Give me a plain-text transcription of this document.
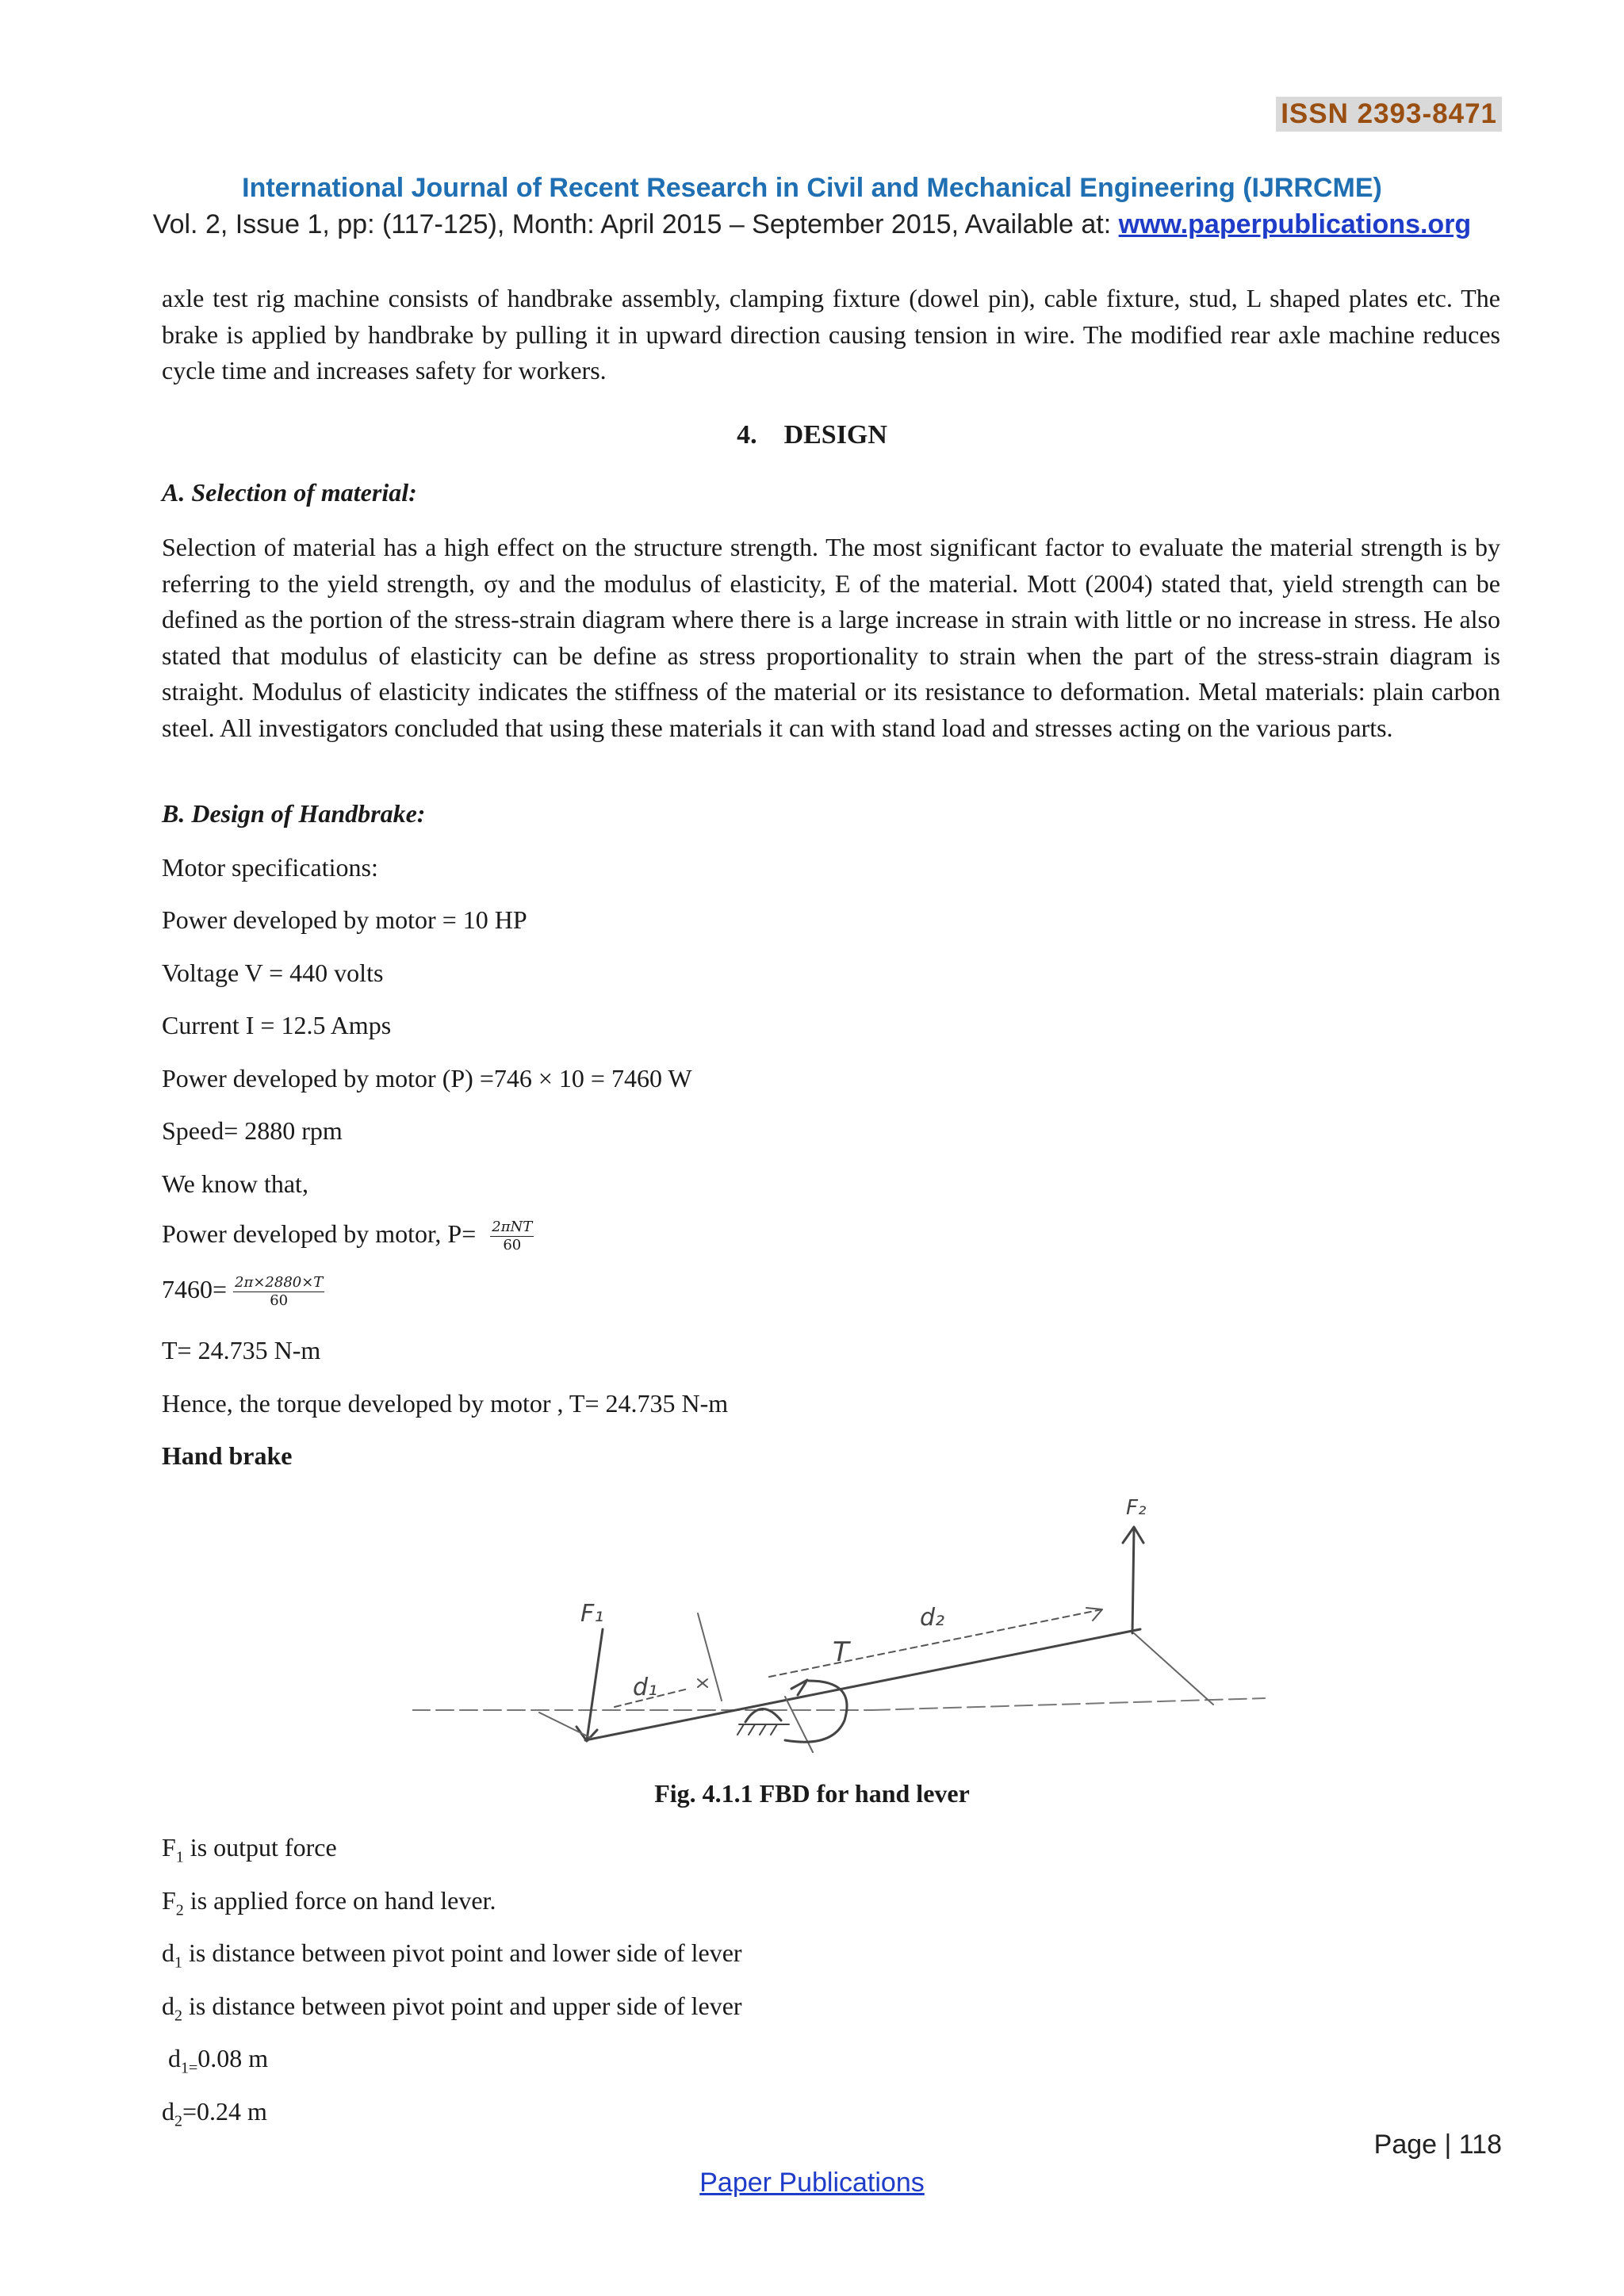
ISSN 2393-8471
International Journal of Recent Research in Civil and Mechanical Engineering (IJRRCME)
Vol. 2, Issue 1, pp: (117-125), Month: April 2015 – September 2015, Available at: www.paperpublications.org
axle test rig machine consists of handbrake assembly, clamping fixture (dowel pin), cable fixture, stud, L shaped plates etc. The brake is applied by handbrake by pulling it in upward direction causing tension in wire. The modified rear axle machine reduces cycle time and increases safety for workers.
4.    DESIGN
A. Selection of material:
Selection of material has a high effect on the structure strength. The most significant factor to evaluate the material strength is by referring to the yield strength, σy and the modulus of elasticity, E of the material. Mott (2004) stated that, yield strength can be defined as the portion of the stress-strain diagram where there is a large increase in strain with little or no increase in stress. He also stated that modulus of elasticity can be define as stress proportionality to strain when the part of the stress-strain diagram is straight. Modulus of elasticity indicates the stiffness of the material or its resistance to deformation. Metal materials: plain carbon steel. All investigators concluded that using these materials it can with stand load and stresses acting on the various parts.
B. Design of Handbrake:
Motor specifications:
Power developed by motor = 10 HP
Voltage V = 440 volts
Current I = 12.5 Amps
Power developed by motor (P) =746 × 10 = 7460 W
Speed= 2880 rpm
We know that,
Power developed by motor, $P= \frac{\text{2πNT}}{60}$
$7460= \frac{2\pi\times 2880\times T}{60}$
T= 24.735 N-m
Hence, the torque developed by motor , T= 24.735 N-m
Hand brake
F₁
F₂
d₁
d₂
T
Fig. 4.1.1 FBD for hand lever
$F_1$ is output force
$F_2$ is applied force on hand lever.
$d_1$ is distance between pivot point and lower side of lever
$d_2$ is distance between pivot point and upper side of lever
$d_{1=}0.08$ m
$d_2=0.24$ m
Page | 118
Paper Publications
